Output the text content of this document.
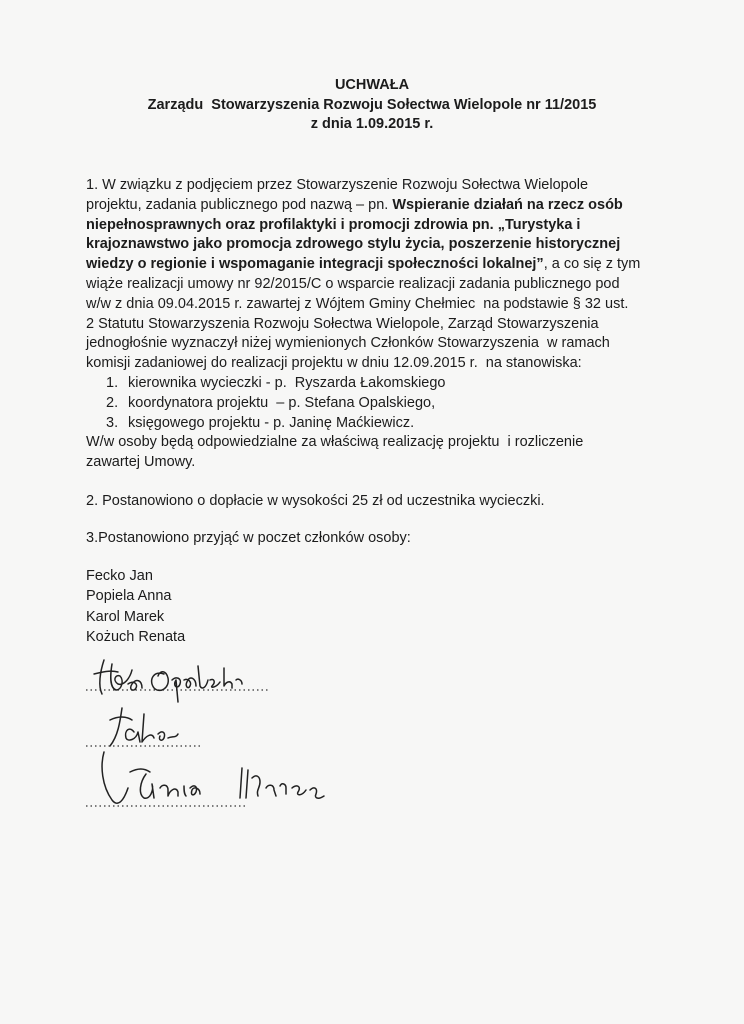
UCHWAŁA
Zarządu  Stowarzyszenia Rozwoju Sołectwa Wielopole nr 11/2015
z dnia 1.09.2015 r.

1. W związku z podjęciem przez Stowarzyszenie Rozwoju Sołectwa Wielopole

projektu, zadania publicznego pod nazwą – pn. Wspieranie działań na rzecz osób

niepełnosprawnych oraz profilaktyki i promocji zdrowia pn. „Turystyka i

krajoznawstwo jako promocja zdrowego stylu życia, poszerzenie historycznej

wiedzy o regionie i wspomaganie integracji społeczności lokalnej”, a co się z tym

wiąże realizacji umowy nr 92/2015/C o wsparcie realizacji zadania publicznego pod

w/w z dnia 09.04.2015 r. zawartej z Wójtem Gminy Chełmiec  na podstawie § 32 ust.

2 Statutu Stowarzyszenia Rozwoju Sołectwa Wielopole, Zarząd Stowarzyszenia

jednogłośnie wyznaczył niżej wymienionych Członków Stowarzyszenia  w ramach

komisji zadaniowej do realizacji projektu w dniu 12.09.2015 r.  na stanowiska:

1. kierownika wycieczki - p.  Ryszarda Łakomskiego
2. koordynatora projektu  – p. Stefana Opalskiego,
3. księgowego projektu - p. Janinę Maćkiewicz.

W/w osoby będą odpowiedzialne za właściwą realizację projektu  i rozliczenie

zawartej Umowy.

2. Postanowiono o dopłacie w wysokości 25 zł od uczestnika wycieczki.

3.Postanowiono przyjąć w poczet członków osoby:

Fecko Jan
Popiela Anna
Karol Marek
Kożuch Renata
